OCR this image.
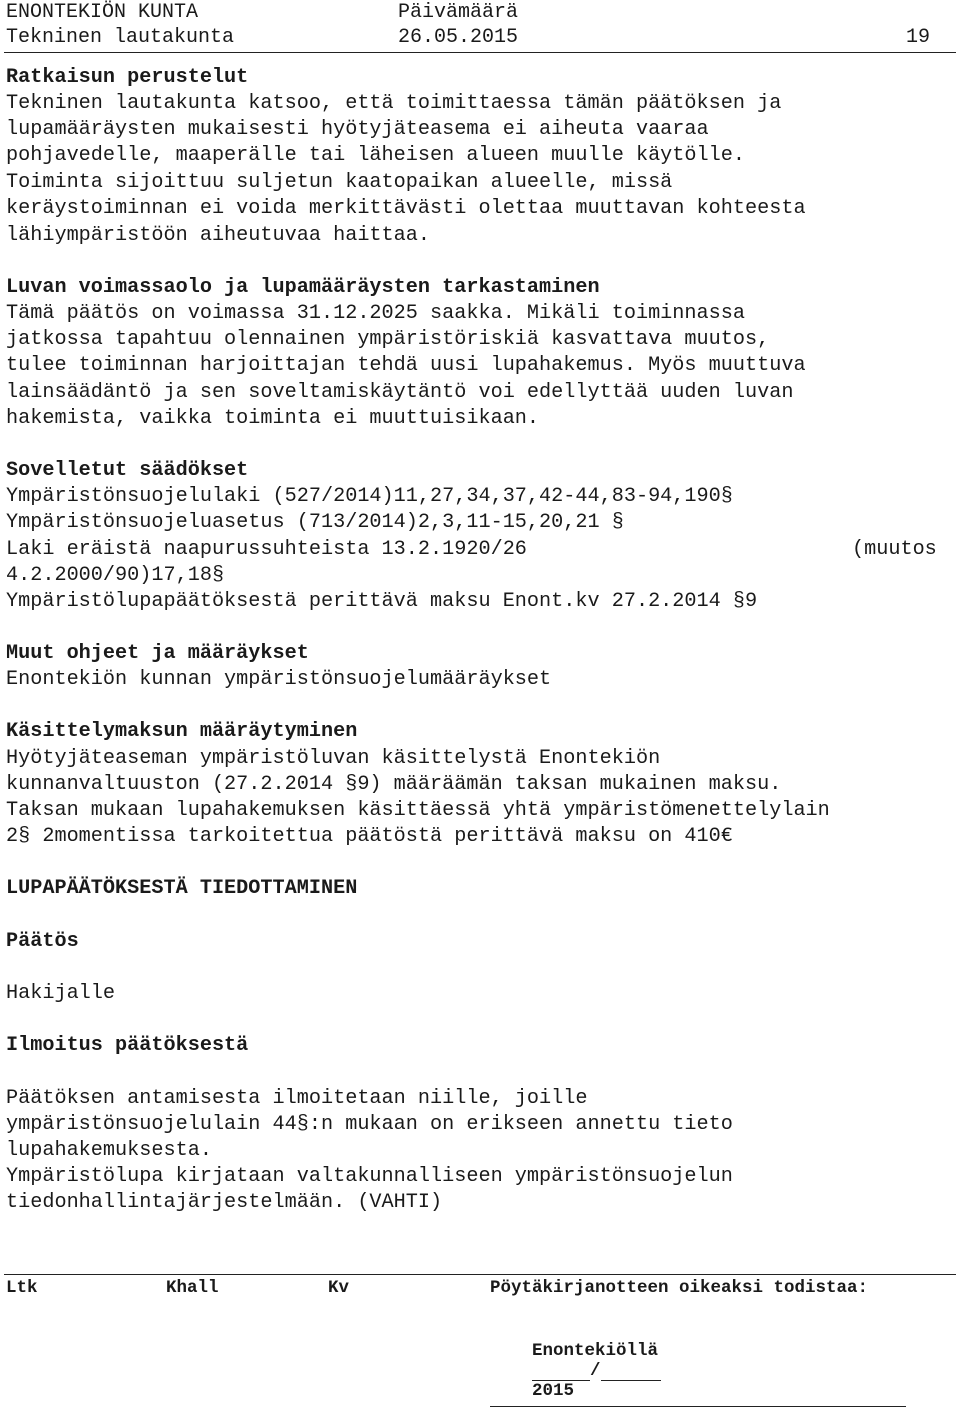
ENONTEKIÖN KUNTA	Päivämäärä
Tekninen lautakunta	26.05.2015	19
Ratkaisun perustelut
Tekninen lautakunta katsoo, että toimittaessa tämän päätöksen ja
lupamääräysten mukaisesti hyötyjäteasema ei aiheuta vaaraa
pohjavedelle, maaperälle tai läheisen alueen muulle käytölle.
Toiminta sijoittuu suljetun kaatopaikan alueelle, missä
keräystoiminnan ei voida merkittävästi olettaa muuttavan kohteesta
lähiympäristöön aiheutuvaa haittaa.
Luvan voimassaolo ja lupamääräysten tarkastaminen
Tämä päätös on voimassa 31.12.2025 saakka. Mikäli toiminnassa
jatkossa tapahtuu olennainen ympäristöriskiä kasvattava muutos,
tulee toiminnan harjoittajan tehdä uusi lupahakemus. Myös muuttuva
lainsäädäntö ja sen soveltamiskäytäntö voi edellyttää uuden luvan
hakemista, vaikka toiminta ei muuttuisikaan.
Sovelletut säädökset
Ympäristönsuojelulaki (527/2014)11,27,34,37,42-44,83-94,190§
Ympäristönsuojeluasetus (713/2014)2,3,11-15,20,21 §
Laki eräistä naapurussuhteista 13.2.1920/26	(muutos
4.2.2000/90)17,18§
Ympäristölupapäätöksestä perittävä maksu Enont.kv 27.2.2014 §9
Muut ohjeet ja määräykset
Enontekiön kunnan ympäristönsuojelumääräykset
Käsittelymaksun määräytyminen
Hyötyjäteaseman ympäristöluvan käsittelystä Enontekiön
kunnanvaltuuston (27.2.2014 §9) määräämän taksan mukainen maksu.
Taksan mukaan lupahakemuksen käsittäessä yhtä ympäristömenettelylain
2§ 2momentissa tarkoitettua päätöstä perittävä maksu on 410€
LUPAPÄÄTÖKSESTÄ TIEDOTTAMINEN
Päätös
Hakijalle
Ilmoitus päätöksestä
Päätöksen antamisesta ilmoitetaan niille, joille
ympäristönsuojelulain 44§:n mukaan on erikseen annettu tieto
lupahakemuksesta.
Ympäristölupa kirjataan valtakunnalliseen ympäristönsuojelun
tiedonhallintajärjestelmään. (VAHTI)
Ltk	Khall	Kv	Pöytäkirjanotteen oikeaksi todistaa:

Enontekiöllä
/
2015
